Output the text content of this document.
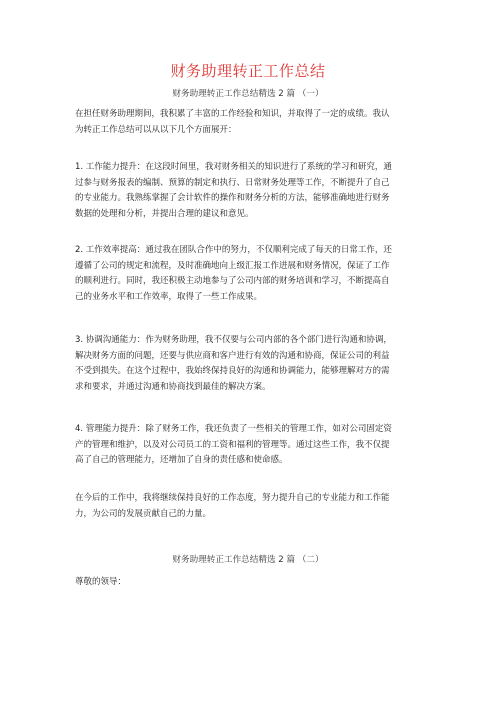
财务助理转正工作总结
财务助理转正工作总结精选 2 篇 （一）

在担任财务助理期间，我积累了丰富的工作经验和知识，并取得了一定的成绩。我认
为转正工作总结可以从以下几个方面展开：

1. 工作能力提升：在这段时间里，我对财务相关的知识进行了系统的学习和研究，通
过参与财务报表的编制、预算的制定和执行、日常财务处理等工作，不断提升了自己
的专业能力。我熟练掌握了会计软件的操作和财务分析的方法，能够准确地进行财务
数据的处理和分析，并提出合理的建议和意见。

2. 工作效率提高：通过我在团队合作中的努力，不仅顺利完成了每天的日常工作，还
遵循了公司的规定和流程，及时准确地向上级汇报工作进展和财务情况，保证了工作
的顺利进行。同时，我还积极主动地参与了公司内部的财务培训和学习，不断提高自
己的业务水平和工作效率，取得了一些工作成果。

3. 协调沟通能力：作为财务助理，我不仅要与公司内部的各个部门进行沟通和协调，
解决财务方面的问题，还要与供应商和客户进行有效的沟通和协商，保证公司的利益
不受到损失。在这个过程中，我始终保持良好的沟通和协调能力，能够理解对方的需
求和要求，并通过沟通和协商找到最佳的解决方案。

4. 管理能力提升：除了财务工作，我还负责了一些相关的管理工作，如对公司固定资
产的管理和维护，以及对公司员工的工资和福利的管理等。通过这些工作，我不仅提
高了自己的管理能力，还增加了自身的责任感和使命感。

在今后的工作中，我将继续保持良好的工作态度，努力提升自己的专业能力和工作能
力，为公司的发展贡献自己的力量。

财务助理转正工作总结精选 2 篇 （二）

尊敬的领导：
